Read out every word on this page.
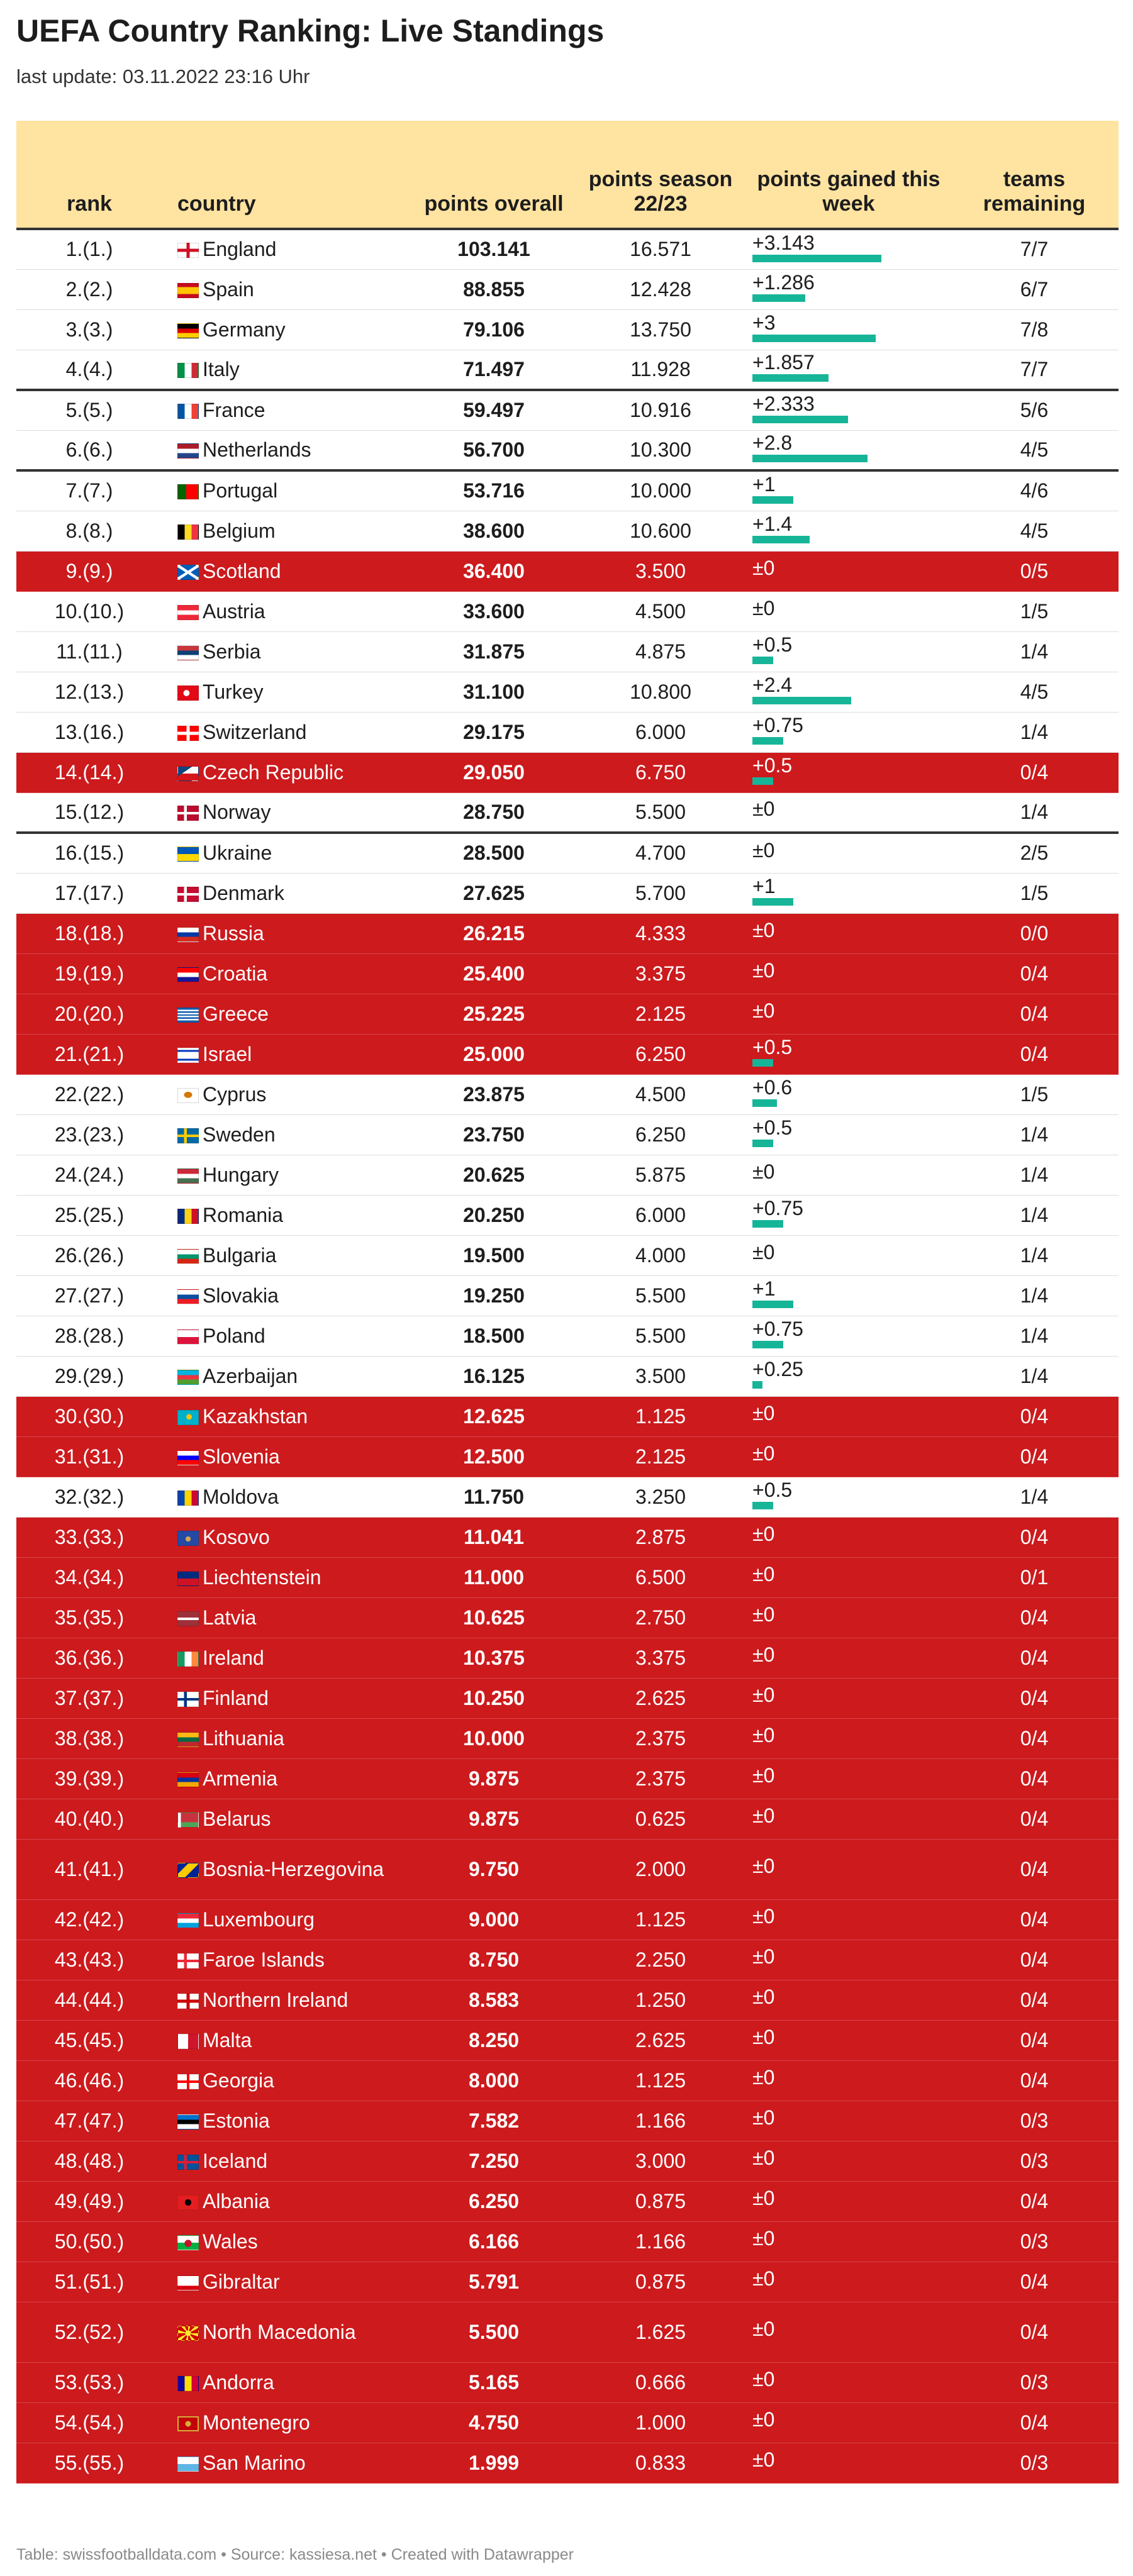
UEFA Country Ranking: Live Standings
last update: 03.11.2022 23:16 Uhr
rank	country	points overall	points season 22/23	points gained this week	teams remaining
1.(1.)	England	103.141	16.571	+3.143	7/7
2.(2.)	Spain	88.855	12.428	+1.286	6/7
3.(3.)	Germany	79.106	13.750	+3	7/8
4.(4.)	Italy	71.497	11.928	+1.857	7/7
5.(5.)	France	59.497	10.916	+2.333	5/6
6.(6.)	Netherlands	56.700	10.300	+2.8	4/5
7.(7.)	Portugal	53.716	10.000	+1	4/6
8.(8.)	Belgium	38.600	10.600	+1.4	4/5
9.(9.)	Scotland	36.400	3.500	±0	0/5
10.(10.)	Austria	33.600	4.500	±0	1/5
11.(11.)	Serbia	31.875	4.875	+0.5	1/4
12.(13.)	Turkey	31.100	10.800	+2.4	4/5
13.(16.)	Switzerland	29.175	6.000	+0.75	1/4
14.(14.)	Czech Republic	29.050	6.750	+0.5	0/4
15.(12.)	Norway	28.750	5.500	±0	1/4
16.(15.)	Ukraine	28.500	4.700	±0	2/5
17.(17.)	Denmark	27.625	5.700	+1	1/5
18.(18.)	Russia	26.215	4.333	±0	0/0
19.(19.)	Croatia	25.400	3.375	±0	0/4
20.(20.)	Greece	25.225	2.125	±0	0/4
21.(21.)	Israel	25.000	6.250	+0.5	0/4
22.(22.)	Cyprus	23.875	4.500	+0.6	1/5
23.(23.)	Sweden	23.750	6.250	+0.5	1/4
24.(24.)	Hungary	20.625	5.875	±0	1/4
25.(25.)	Romania	20.250	6.000	+0.75	1/4
26.(26.)	Bulgaria	19.500	4.000	±0	1/4
27.(27.)	Slovakia	19.250	5.500	+1	1/4
28.(28.)	Poland	18.500	5.500	+0.75	1/4
29.(29.)	Azerbaijan	16.125	3.500	+0.25	1/4
30.(30.)	Kazakhstan	12.625	1.125	±0	0/4
31.(31.)	Slovenia	12.500	2.125	±0	0/4
32.(32.)	Moldova	11.750	3.250	+0.5	1/4
33.(33.)	Kosovo	11.041	2.875	±0	0/4
34.(34.)	Liechtenstein	11.000	6.500	±0	0/1
35.(35.)	Latvia	10.625	2.750	±0	0/4
36.(36.)	Ireland	10.375	3.375	±0	0/4
37.(37.)	Finland	10.250	2.625	±0	0/4
38.(38.)	Lithuania	10.000	2.375	±0	0/4
39.(39.)	Armenia	9.875	2.375	±0	0/4
40.(40.)	Belarus	9.875	0.625	±0	0/4
41.(41.)	Bosnia-Herzegovina	9.750	2.000	±0	0/4
42.(42.)	Luxembourg	9.000	1.125	±0	0/4
43.(43.)	Faroe Islands	8.750	2.250	±0	0/4
44.(44.)	Northern Ireland	8.583	1.250	±0	0/4
45.(45.)	Malta	8.250	2.625	±0	0/4
46.(46.)	Georgia	8.000	1.125	±0	0/4
47.(47.)	Estonia	7.582	1.166	±0	0/3
48.(48.)	Iceland	7.250	3.000	±0	0/3
49.(49.)	Albania	6.250	0.875	±0	0/4
50.(50.)	Wales	6.166	1.166	±0	0/3
51.(51.)	Gibraltar	5.791	0.875	±0	0/4
52.(52.)	North Macedonia	5.500	1.625	±0	0/4
53.(53.)	Andorra	5.165	0.666	±0	0/3
54.(54.)	Montenegro	4.750	1.000	±0	0/4
55.(55.)	San Marino	1.999	0.833	±0	0/3
Table: swissfootballdata.com • Source: kassiesa.net • Created with Datawrapper
